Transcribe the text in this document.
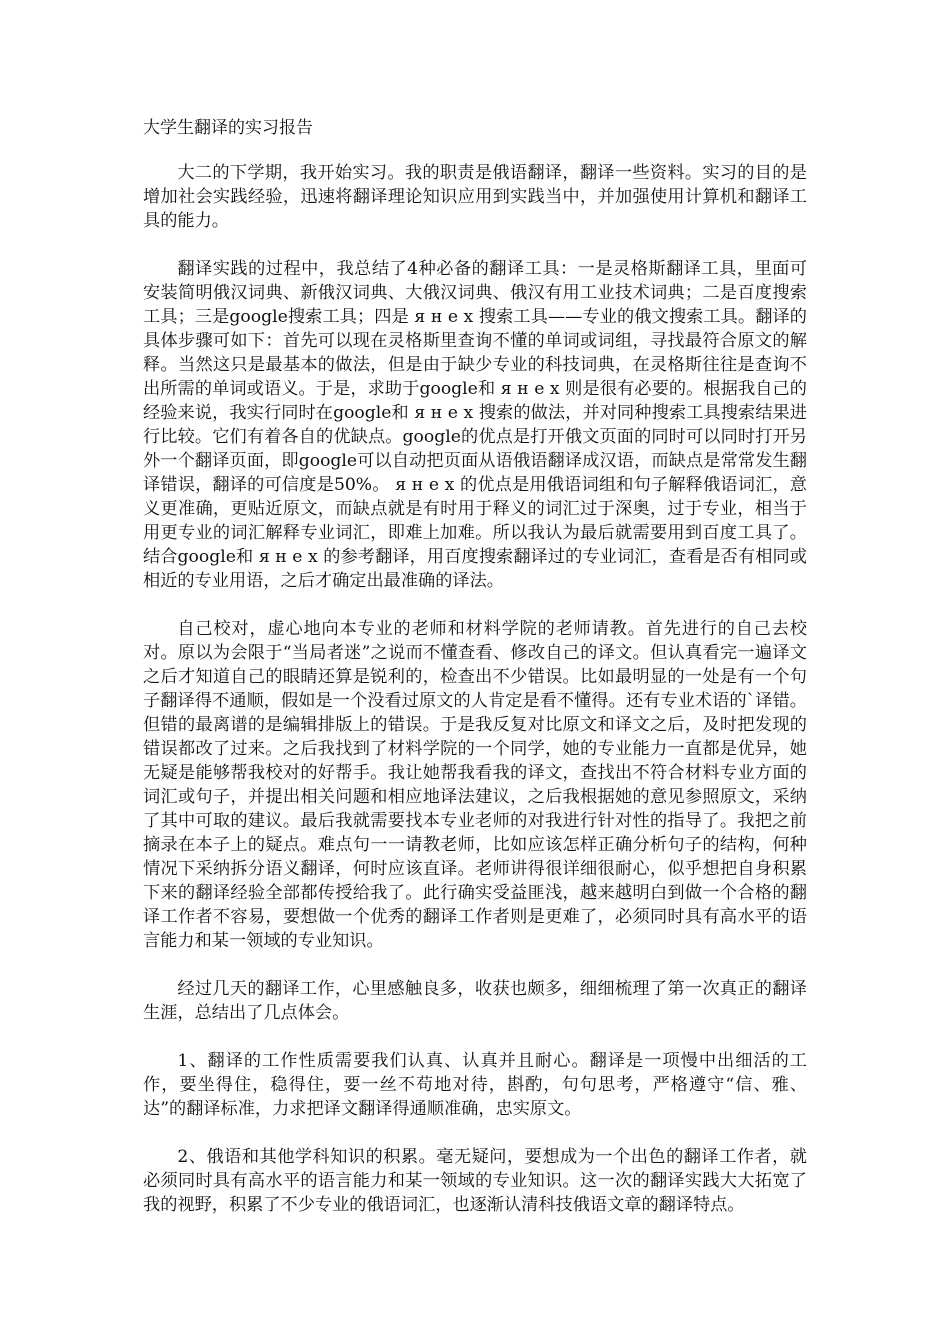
大学生翻译的实习报告

大二的下学期，我开始实习。我的职责是俄语翻译，翻译一些资料。实习的目的是增加社会实践经验，迅速将翻译理论知识应用到实践当中，并加强使用计算机和翻译工具的能力。

翻译实践的过程中，我总结了4种必备的翻译工具：一是灵格斯翻译工具，里面可安装简明俄汉词典、新俄汉词典、大俄汉词典、俄汉有用工业技术词典；二是百度搜索工具；三是google搜索工具；四是 я н е х 搜索工具——专业的俄文搜索工具。翻译的具体步骤可如下：首先可以现在灵格斯里查询不懂的单词或词组，寻找最符合原文的解释。当然这只是最基本的做法，但是由于缺少专业的科技词典，在灵格斯往往是查询不出所需的单词或语义。于是，求助于google和 я н е х 则是很有必要的。根据我自己的经验来说，我实行同时在google和 я н е х 搜索的做法，并对同种搜索工具搜索结果进行比较。它们有着各自的优缺点。google的优点是打开俄文页面的同时可以同时打开另外一个翻译页面，即google可以自动把页面从语俄语翻译成汉语，而缺点是常常发生翻译错误，翻译的可信度是50%。 я н е х 的优点是用俄语词组和句子解释俄语词汇，意义更准确，更贴近原文，而缺点就是有时用于释义的词汇过于深奥，过于专业，相当于用更专业的词汇解释专业词汇，即难上加难。所以我认为最后就需要用到百度工具了。结合google和 я н е х 的参考翻译，用百度搜索翻译过的专业词汇，查看是否有相同或相近的专业用语，之后才确定出最准确的译法。

自己校对，虚心地向本专业的老师和材料学院的老师请教。首先进行的自己去校对。原以为会限于“当局者迷”之说而不懂查看、修改自己的译文。但认真看完一遍译文之后才知道自己的眼睛还算是锐利的，检查出不少错误。比如最明显的一处是有一个句子翻译得不通顺，假如是一个没看过原文的人肯定是看不懂得。还有专业术语的`译错。但错的最离谱的是编辑排版上的错误。于是我反复对比原文和译文之后，及时把发现的错误都改了过来。之后我找到了材料学院的一个同学，她的专业能力一直都是优异，她无疑是能够帮我校对的好帮手。我让她帮我看我的译文，查找出不符合材料专业方面的词汇或句子，并提出相关问题和相应地译法建议，之后我根据她的意见参照原文，采纳了其中可取的建议。最后我就需要找本专业老师的对我进行针对性的指导了。我把之前摘录在本子上的疑点。难点句一一请教老师，比如应该怎样正确分析句子的结构，何种情况下采纳拆分语义翻译，何时应该直译。老师讲得很详细很耐心，似乎想把自身积累下来的翻译经验全部都传授给我了。此行确实受益匪浅，越来越明白到做一个合格的翻译工作者不容易，要想做一个优秀的翻译工作者则是更难了，必须同时具有高水平的语言能力和某一领域的专业知识。

经过几天的翻译工作，心里感触良多，收获也颇多，细细梳理了第一次真正的翻译生涯，总结出了几点体会。

1、翻译的工作性质需要我们认真、认真并且耐心。翻译是一项慢中出细活的工作，要坐得住，稳得住，要一丝不苟地对待，斟酌，句句思考，严格遵守“信、雅、达”的翻译标准，力求把译文翻译得通顺准确，忠实原文。

2、俄语和其他学科知识的积累。毫无疑问，要想成为一个出色的翻译工作者，就必须同时具有高水平的语言能力和某一领域的专业知识。这一次的翻译实践大大拓宽了我的视野，积累了不少专业的俄语词汇，也逐渐认清科技俄语文章的翻译特点。
